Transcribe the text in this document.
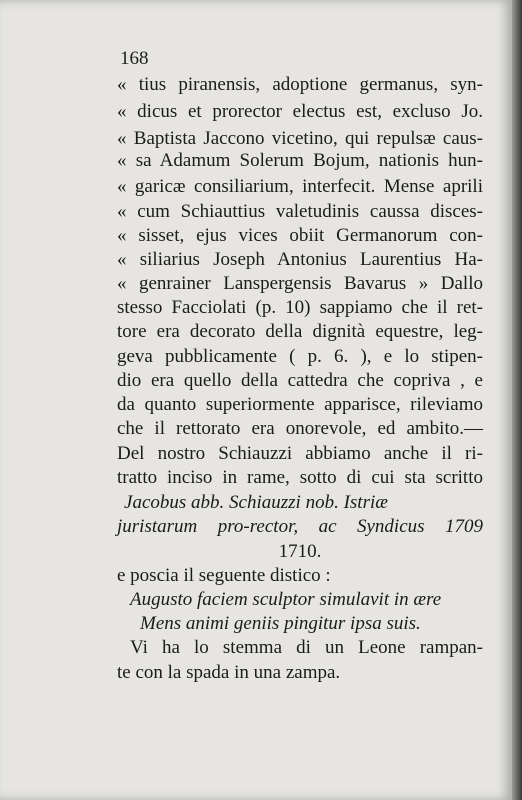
168
« tius piranensis, adoptione germanus, syn-
« dicus et prorector electus est, excluso Jo.
« Baptista Jaccono vicetino, qui repulsæ caus-
« sa Adamum Solerum Bojum, nationis hun-
« garicæ consiliarium, interfecit. Mense aprili
« cum Schiauttius valetudinis caussa disces-
« sisset, ejus vices obiit Germanorum con-
« siliarius Joseph Antonius Laurentius Ha-
« genrainer Lanspergensis Bavarus » Dallo
stesso Facciolati (p. 10) sappiamo che il ret-
tore era decorato della dignità equestre, leg-
geva pubblicamente ( p. 6. ), e lo stipen-
dio era quello della cattedra che copriva , e
da quanto superiormente apparisce, rileviamo
che il rettorato era onorevole, ed ambito.—
Del nostro Schiauzzi abbiamo anche il ri-
tratto inciso in rame, sotto di cui sta scritto
Jacobus abb. Schiauzzi nob. Istriæ
juristarum pro-rector, ac Syndicus 1709
1710.
e poscia il seguente distico :
Augusto faciem sculptor simulavit in ære
Mens animi geniis pingitur ipsa suis.
Vi ha lo stemma di un Leone rampan-
te con la spada in una zampa.
